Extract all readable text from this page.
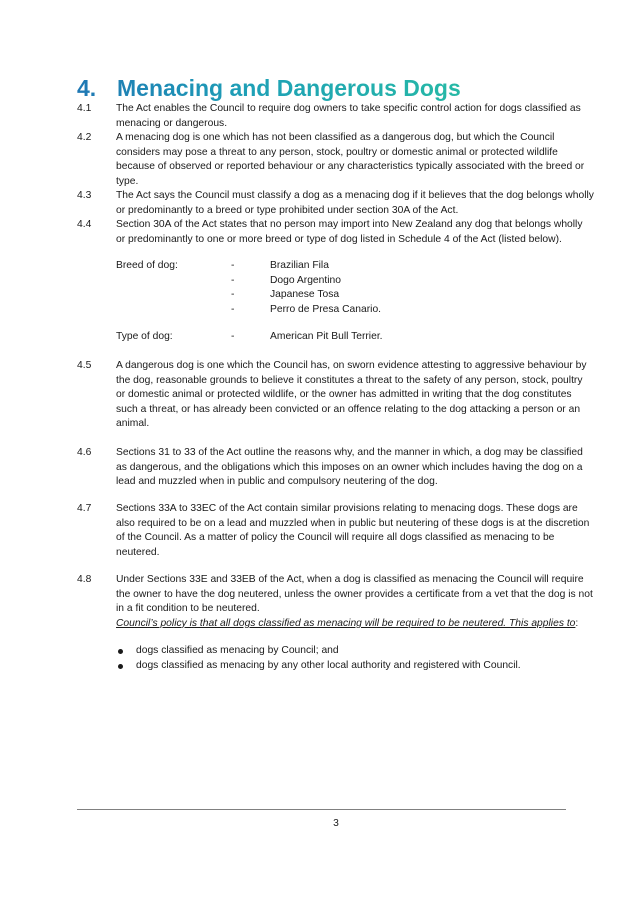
4. Menacing and Dangerous Dogs
4.1 The Act enables the Council to require dog owners to take specific control action for dogs classified as menacing or dangerous.
4.2 A menacing dog is one which has not been classified as a dangerous dog, but which the Council considers may pose a threat to any person, stock, poultry or domestic animal or protected wildlife because of observed or reported behaviour or any characteristics typically associated with the breed or type.
4.3 The Act says the Council must classify a dog as a menacing dog if it believes that the dog belongs wholly or predominantly to a breed or type prohibited under section 30A of the Act.
4.4 Section 30A of the Act states that no person may import into New Zealand any dog that belongs wholly or predominantly to one or more breed or type of dog listed in Schedule 4 of the Act (listed below).
Breed of dog:	-	Brazilian Fila
-	Dogo Argentino
-	Japanese Tosa
-	Perro de Presa Canario.
Type of dog:	-	American Pit Bull Terrier.
4.5 A dangerous dog is one which the Council has, on sworn evidence attesting to aggressive behaviour by the dog, reasonable grounds to believe it constitutes a threat to the safety of any person, stock, poultry or domestic animal or protected wildlife, or the owner has admitted in writing that the dog constitutes such a threat, or has already been convicted or an offence relating to the dog attacking a person or an animal.
4.6 Sections 31 to 33 of the Act outline the reasons why, and the manner in which, a dog may be classified as dangerous, and the obligations which this imposes on an owner which includes having the dog on a lead and muzzled when in public and compulsory neutering of the dog.
4.7 Sections 33A to 33EC of the Act contain similar provisions relating to menacing dogs. These dogs are also required to be on a lead and muzzled when in public but neutering of these dogs is at the discretion of the Council. As a matter of policy the Council will require all dogs classified as menacing to be neutered.
4.8 Under Sections 33E and 33EB of the Act, when a dog is classified as menacing the Council will require the owner to have the dog neutered, unless the owner provides a certificate from a vet that the dog is not in a fit condition to be neutered.
Council’s policy is that all dogs classified as menacing will be required to be neutered. This applies to:
dogs classified as menacing by Council; and
dogs classified as menacing by any other local authority and registered with Council.
3
